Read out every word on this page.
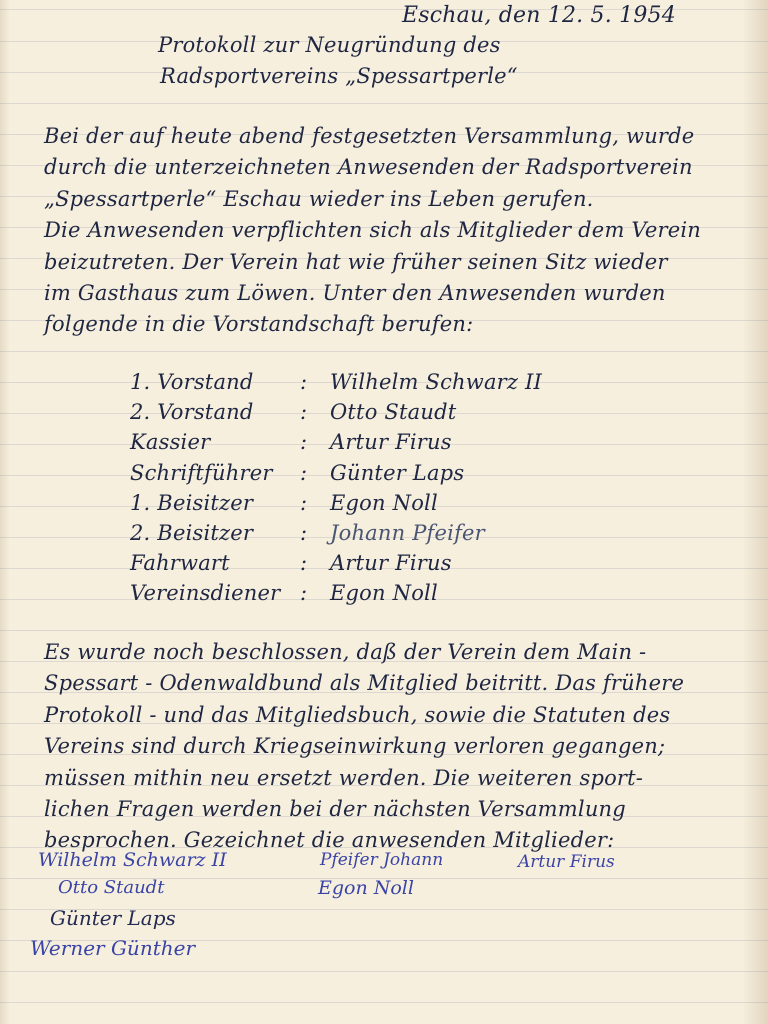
Eschau, den 12. 5. 1954

Protokoll zur Neugründung des

Radsportvereins „Spessartperle“

Bei der auf heute abend festgesetzten Versammlung, wurde
durch die unterzeichneten Anwesenden der Radsportverein
„Spessartperle“ Eschau wieder ins Leben gerufen.
Die Anwesenden verpflichten sich als Mitglieder dem Verein
beizutreten. Der Verein hat wie früher seinen Sitz wieder
im Gasthaus zum Löwen. Unter den Anwesenden wurden
folgende in die Vorstandschaft berufen:
1. Vorstand : Wilhelm Schwarz II
2. Vorstand : Otto Staudt
Kassier	: Artur Firus
Schriftführer : Günter Laps
1. Beisitzer : Egon Noll
2. Beisitzer : Johann Pfeifer
Fahrwart	: Artur Firus
Vereinsdiener : Egon Noll
Es wurde noch beschlossen, daß der Verein dem Main -
Spessart - Odenwaldbund als Mitglied beitritt. Das frühere
Protokoll - und das Mitgliedsbuch, sowie die Statuten des
Vereins sind durch Kriegseinwirkung verloren gegangen;
müssen mithin neu ersetzt werden. Die weiteren sport-
lichen Fragen werden bei der nächsten Versammlung
besprochen. Gezeichnet die anwesenden Mitglieder:

Wilhelm Schwarz II

Otto Staudt

Günter Laps

Werner Günther

Pfeifer Johann

Egon Noll

Artur Firus
